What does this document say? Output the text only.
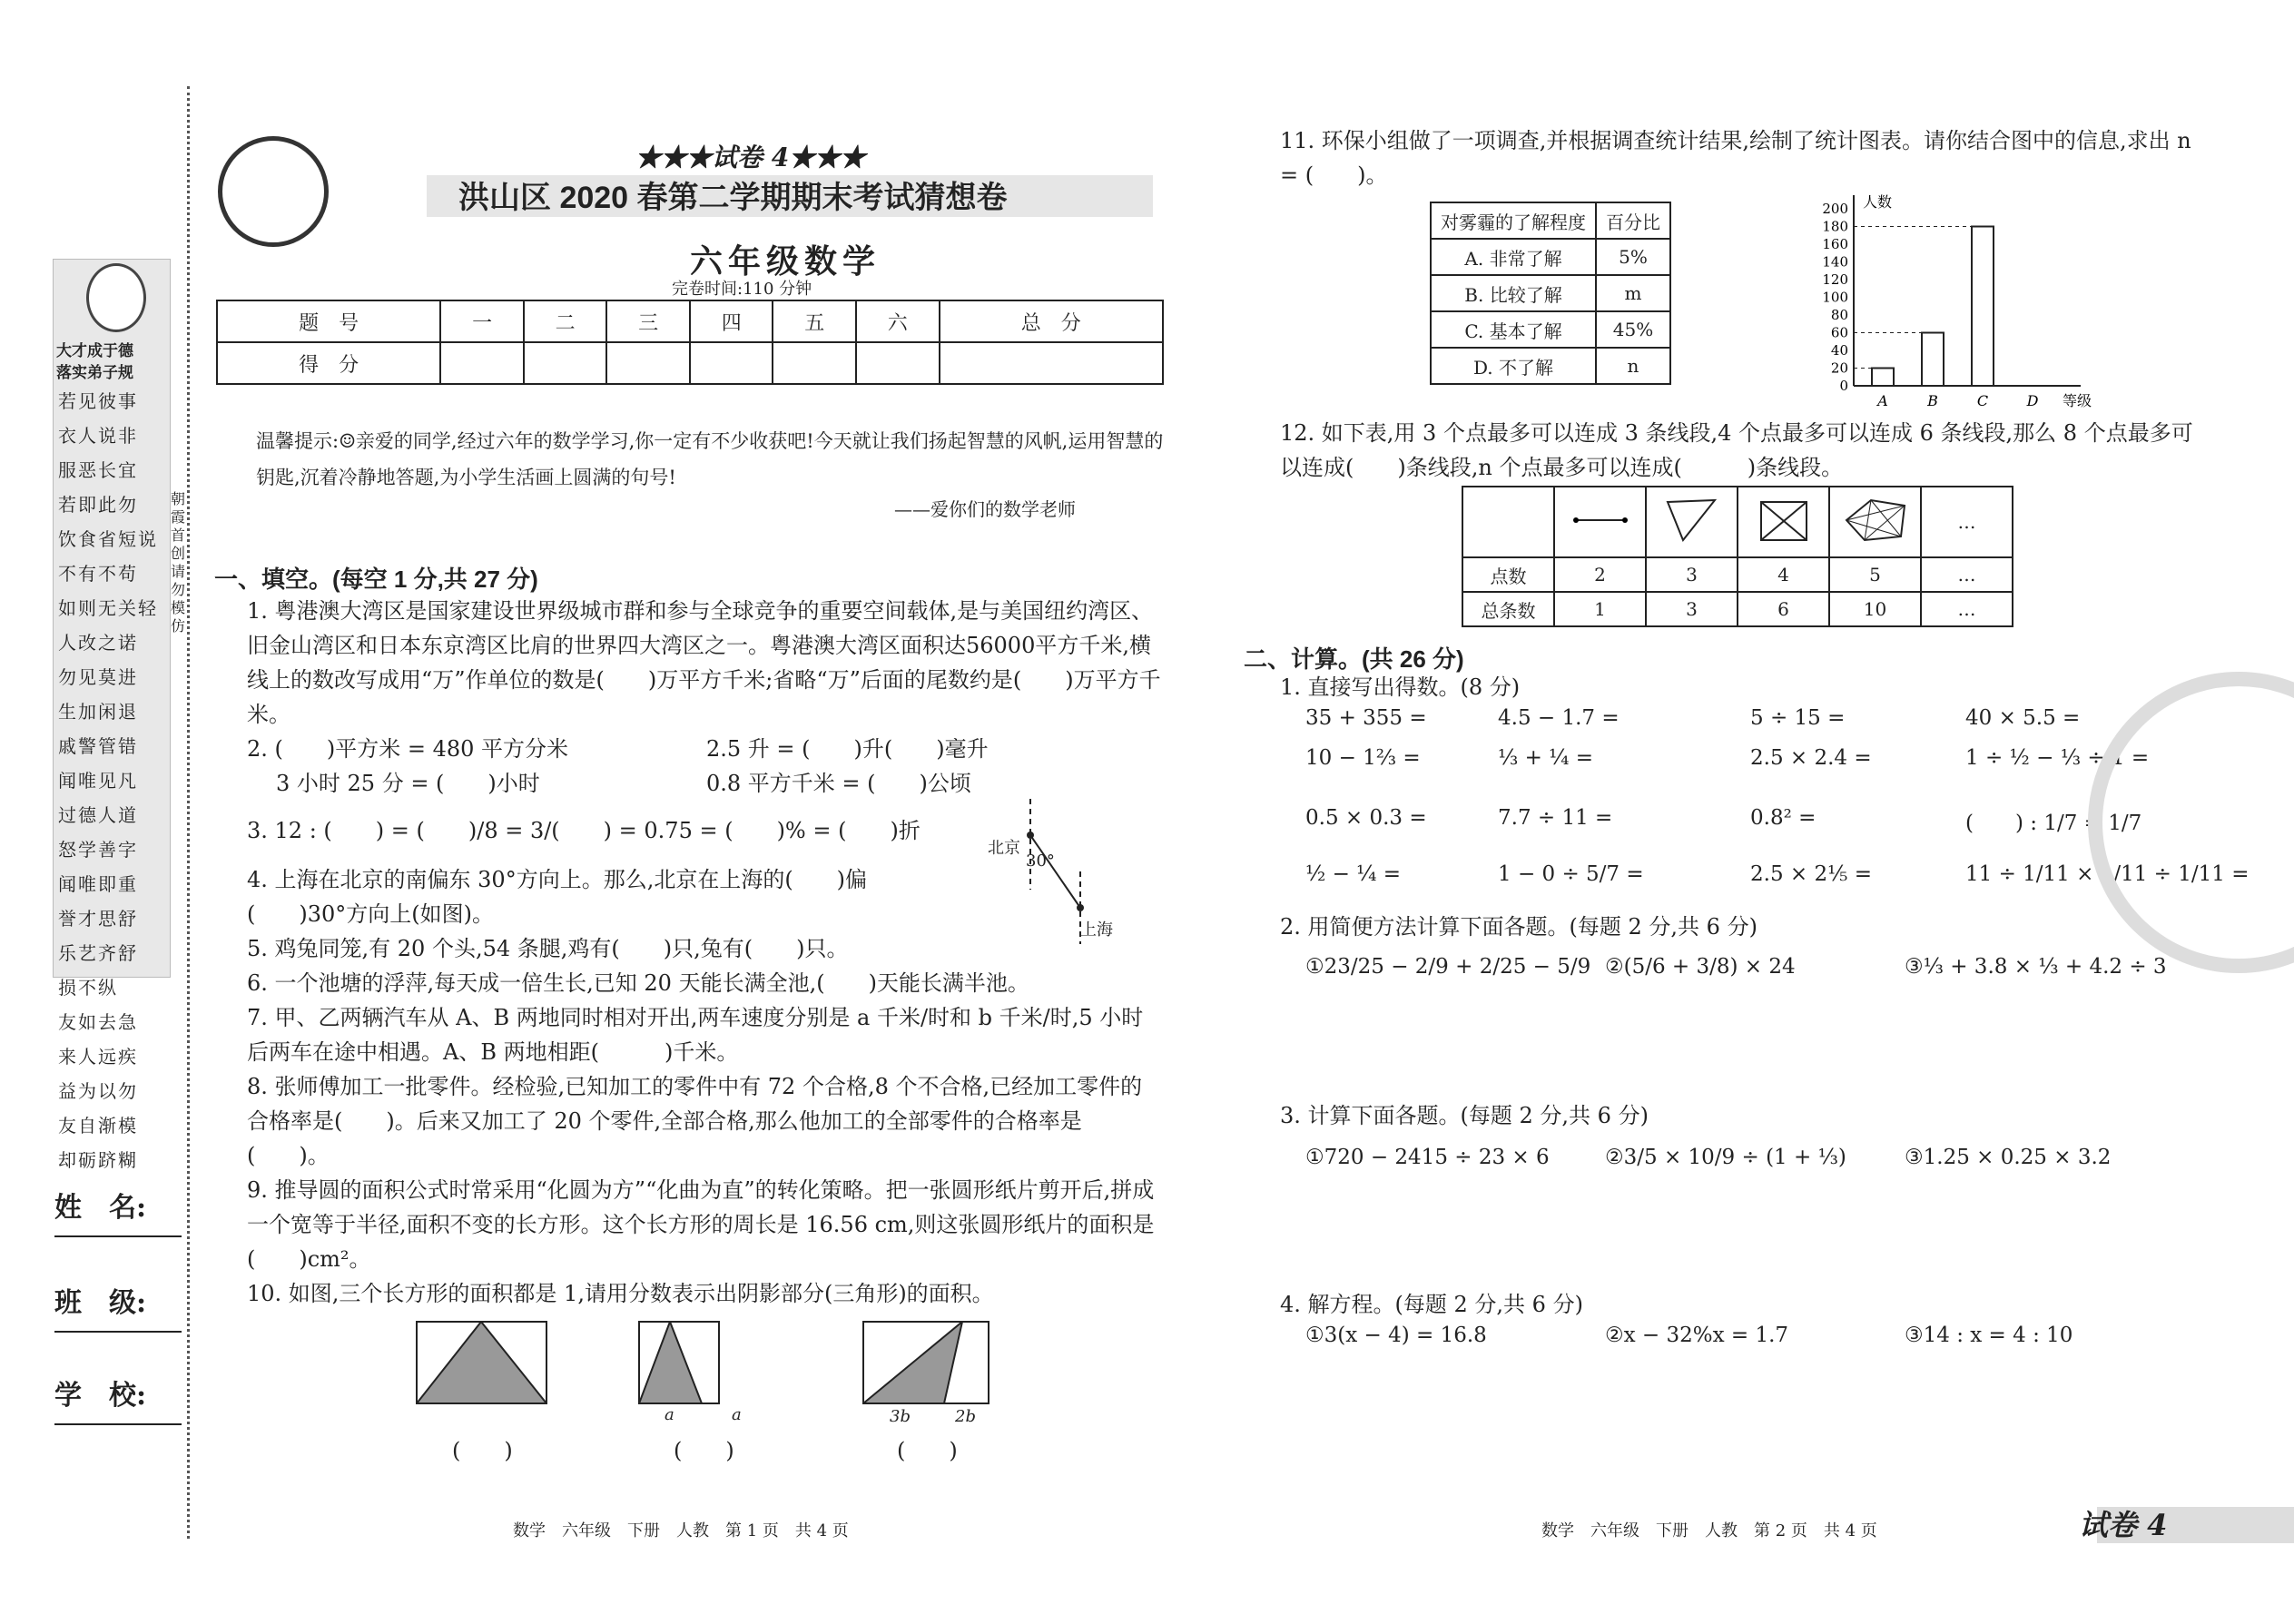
大才成于德
落实弟子规
若见彼事
衣人说非
服恶长宜
若即此勿
饮食省短说
不有不苟
如则无关轻
人改之诺
勿见莫进
生加闲退
戚警管错
闻唯见凡
过德人道
怒学善字
闻唯即重
誉才思舒
乐艺齐舒
损不纵
友如去急
来人远疾
益为以勿
友自渐模
却砺跻糊
朝霞首创　请勿模仿
姓　名:
班　级:
学　校:
★★★试卷 4★★★
洪山区 2020 春第二学期期末考试猜想卷
六年级数学
完卷时间:110 分钟
题　号	一	二	三	四	五	六	总　分
得　分							
温馨提示:☺亲爱的同学,经过六年的数学学习,你一定有不少收获吧!今天就让我们扬起智慧的风帆,运用智慧的钥匙,沉着冷静地答题,为小学生活画上圆满的句号!
——爱你们的数学老师
一、填空。(每空 1 分,共 27 分)
1. 粤港澳大湾区是国家建设世界级城市群和参与全球竞争的重要空间载体,是与美国纽约湾区、旧金山湾区和日本东京湾区比肩的世界四大湾区之一。粤港澳大湾区面积达56000平方千米,横线上的数改写成用“万”作单位的数是(　　)万平方千米;省略“万”后面的尾数约是(　　)万平方千米。
2. (　　)平方米 = 480 平方分米	2.5 升 = (　　)升(　　)毫升
3 小时 25 分 = (　　)小时	0.8 平方千米 = (　　)公顷
3. 12 : (　　) = (　　)/8 = 3/(　　) = 0.75 = (　　)% = (　　)折
4. 上海在北京的南偏东 30°方向上。那么,北京在上海的(　　)偏(　　)30°方向上(如图)。
北京
30°
上海
5. 鸡兔同笼,有 20 个头,54 条腿,鸡有(　　)只,兔有(　　)只。
6. 一个池塘的浮萍,每天成一倍生长,已知 20 天能长满全池,(　　)天能长满半池。
7. 甲、乙两辆汽车从 A、B 两地同时相对开出,两车速度分别是 a 千米/时和 b 千米/时,5 小时后两车在途中相遇。A、B 两地相距(　　　)千米。
8. 张师傅加工一批零件。经检验,已知加工的零件中有 72 个合格,8 个不合格,已经加工零件的合格率是(　　)。后来又加工了 20 个零件,全部合格,那么他加工的全部零件的合格率是(　　)。
9. 推导圆的面积公式时常采用“化圆为方”“化曲为直”的转化策略。把一张圆形纸片剪开后,拼成一个宽等于半径,面积不变的长方形。这个长方形的周长是 16.56 cm,则这张圆形纸片的面积是(　　)cm²。
10. 如图,三个长方形的面积都是 1,请用分数表示出阴影部分(三角形)的面积。
a	a	3b	2b
(　　)	(　　)	(　　)
数学　六年级　下册　人教　第 1 页　共 4 页
11. 环保小组做了一项调查,并根据调查统计结果,绘制了统计图表。请你结合图中的信息,求出 n = (　　)。
对雾霾的了解程度	百分比
A. 非常了解	5%
B. 比较了解	m
C. 基本了解	45%
D. 不了解	n
200
180
160
140
120
100
80
60
40
20
0
人数
等级
A	B	C	D
12. 如下表,用 3 个点最多可以连成 3 条线段,4 个点最多可以连成 6 条线段,那么 8 个点最多可以连成(　　)条线段,n 个点最多可以连成(　　　)条线段。
					…
点数	2	3	4	5	…
总条数	1	3	6	10	…
二、计算。(共 26 分)
1. 直接写出得数。(8 分)
35 + 355 =	4.5 − 1.7 =	5 ÷ 15 =	40 × 5.5 =
10 − 1⅔ =	⅓ + ¼ =	2.5 × 2.4 =	1 ÷ ½ − ⅓ ÷ 1 =
0.5 × 0.3 =	7.7 ÷ 11 =	0.8² =	(　　) : 1/7 = 1/7
½ − ¼ =	1 − 0 ÷ 5/7 =	2.5 × 2⅕ =	11 ÷ 1/11 × 1/11 ÷ 1/11 =
2. 用简便方法计算下面各题。(每题 2 分,共 6 分)
①23/25 − 2/9 + 2/25 − 5/9 ②(5/6 + 3/8) × 24	③⅓ + 3.8 × ⅓ + 4.2 ÷ 3
3. 计算下面各题。(每题 2 分,共 6 分)
①720 − 2415 ÷ 23 × 6	②3/5 × 10/9 ÷ (1 + ⅓)	③1.25 × 0.25 × 3.2
4. 解方程。(每题 2 分,共 6 分)
①3(x − 4) = 16.8	②x − 32%x = 1.7	③14 : x = 4 : 10
数学　六年级　下册　人教　第 2 页　共 4 页	试卷 4
